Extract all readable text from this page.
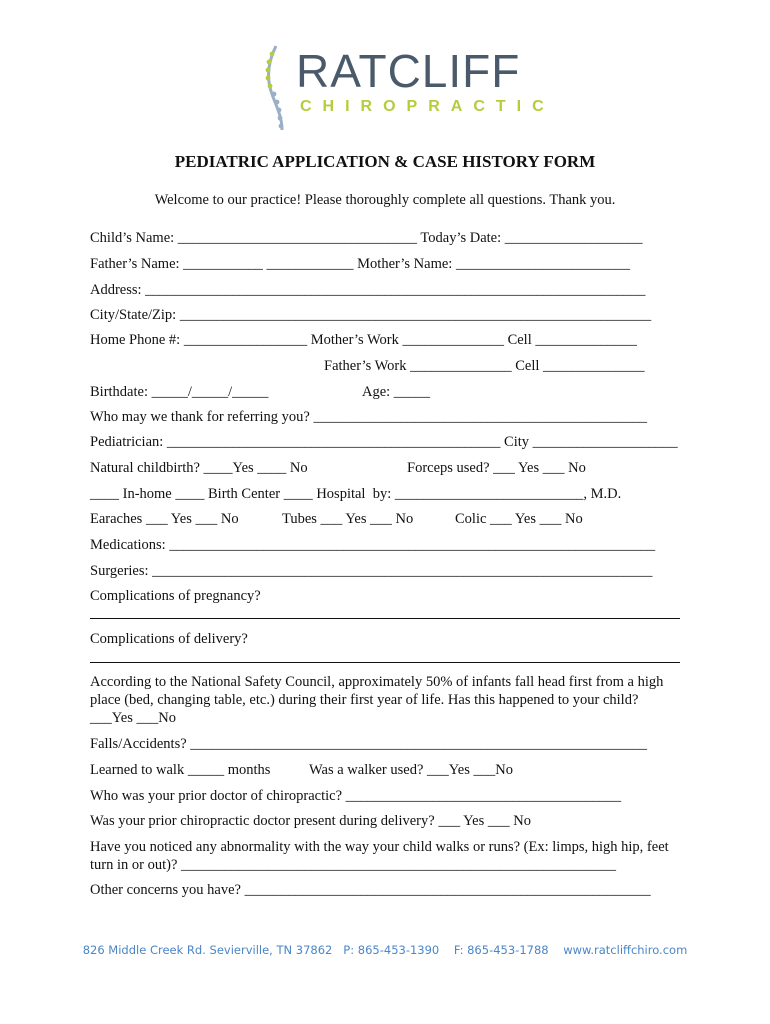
RATCLIFF
CHIROPRACTIC
PEDIATRIC APPLICATION & CASE HISTORY FORM
Welcome to our practice! Please thoroughly complete all questions. Thank you.
Child’s Name: _________________________________ Today’s Date: ___________________
Father’s Name: ___________ ____________ Mother’s Name: ________________________
Address: _____________________________________________________________________
City/State/Zip: _________________________________________________________________
Home Phone #: _________________ Mother’s Work ______________ Cell ______________
Father’s Work ______________ Cell ______________
Birthdate: _____/_____/_____	Age: _____
Who may we thank for referring you? ______________________________________________
Pediatrician: ______________________________________________ City ____________________
Natural childbirth? ____Yes ____ No	Forceps used? ___ Yes ___ No
____ In-home ____ Birth Center ____ Hospital  by: __________________________, M.D.
Earaches ___ Yes ___ No	Tubes ___ Yes ___ No	Colic ___ Yes ___ No
Medications: ___________________________________________________________________
Surgeries: _____________________________________________________________________
Complications of pregnancy?
Complications of delivery?
According to the National Safety Council, approximately 50% of infants fall head first from a high place (bed, changing table, etc.) during their first year of life. Has this happened to your child? ___Yes ___No
Falls/Accidents? _______________________________________________________________
Learned to walk _____ months	Was a walker used? ___Yes ___No
Who was your prior doctor of chiropractic? ______________________________________
Was your prior chiropractic doctor present during delivery? ___ Yes ___ No
Have you noticed any abnormality with the way your child walks or runs? (Ex: limps, high hip, feet turn in or out)? ____________________________________________________________
Other concerns you have? ________________________________________________________
826 Middle Creek Rd. Sevierville, TN 37862   P: 865-453-1390    F: 865-453-1788    www.ratcliffchiro.com
